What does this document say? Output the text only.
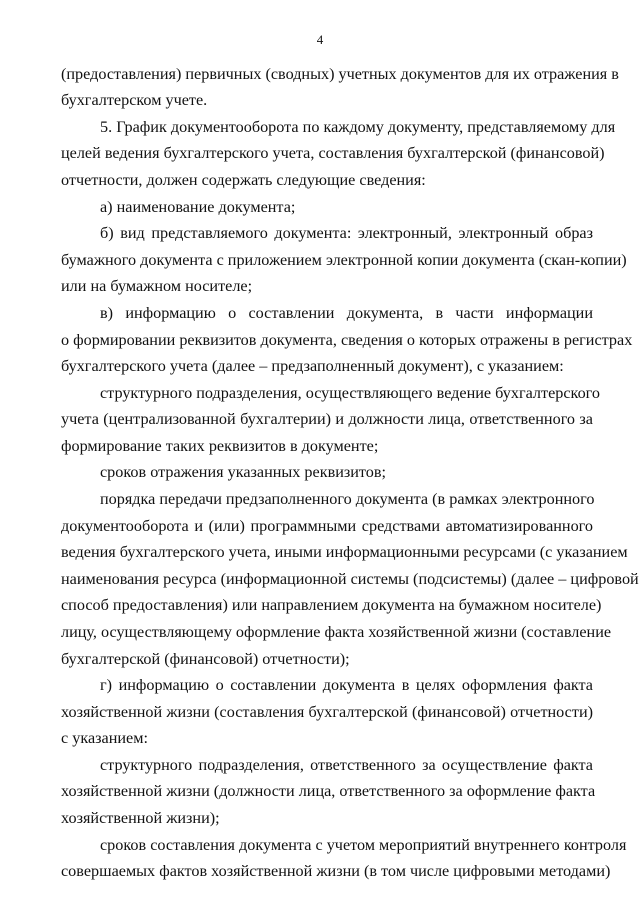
4
(предоставления) первичных (сводных) учетных документов для их отражения в
бухгалтерском учете.
5. График документооборота по каждому документу, представляемому для
целей ведения бухгалтерского учета, составления бухгалтерской (финансовой)
отчетности, должен содержать следующие сведения:
а) наименование документа;
б) вид представляемого документа: электронный, электронный образ
бумажного документа с приложением электронной копии документа (скан-копии)
или на бумажном носителе;
в) информацию о составлении документа, в части информации
о формировании реквизитов документа, сведения о которых отражены в регистрах
бухгалтерского учета (далее – предзаполненный документ), с указанием:
структурного подразделения, осуществляющего ведение бухгалтерского
учета (централизованной бухгалтерии) и должности лица, ответственного за
формирование таких реквизитов в документе;
сроков отражения указанных реквизитов;
порядка передачи предзаполненного документа (в рамках электронного
документооборота и (или) программными средствами автоматизированного
ведения бухгалтерского учета, иными информационными ресурсами (с указанием
наименования ресурса (информационной системы (подсистемы) (далее – цифровой
способ предоставления) или направлением документа на бумажном носителе)
лицу, осуществляющему оформление факта хозяйственной жизни (составление
бухгалтерской (финансовой) отчетности);
г) информацию о составлении документа в целях оформления факта
хозяйственной жизни (составления бухгалтерской (финансовой) отчетности)
с указанием:
структурного подразделения, ответственного за осуществление факта
хозяйственной жизни (должности лица, ответственного за оформление факта
хозяйственной жизни);
сроков составления документа с учетом мероприятий внутреннего контроля
совершаемых фактов хозяйственной жизни (в том числе цифровыми методами)
